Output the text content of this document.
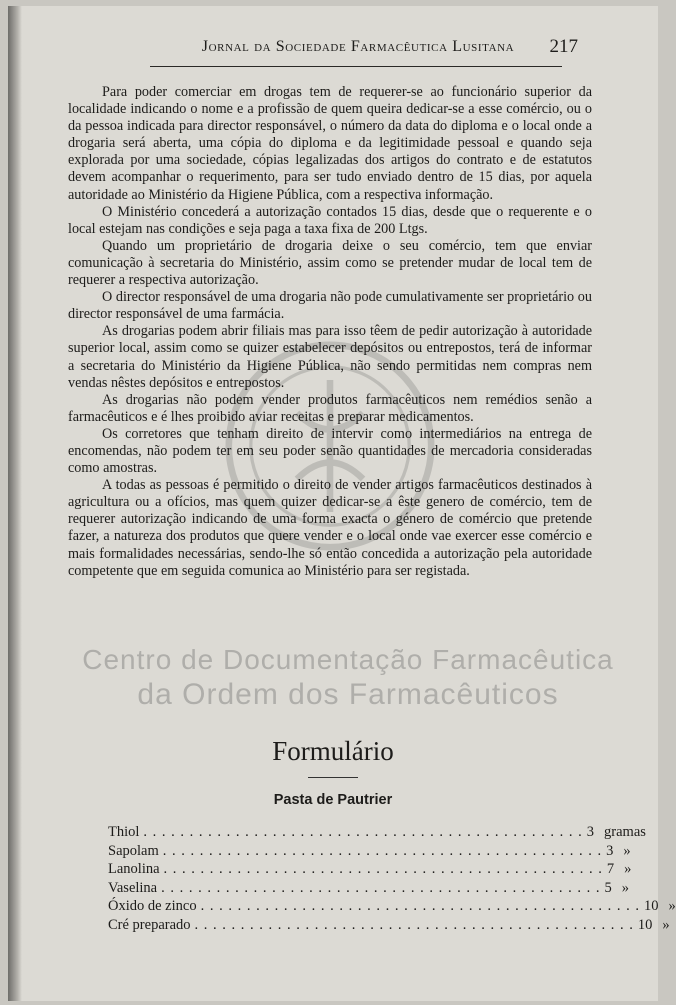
Jornal da Sociedade Farmacêutica Lusitana	217

Para poder comerciar em drogas tem de requerer-se ao funcionário superior da localidade indicando o nome e a profissão de quem queira dedicar-se a esse comércio, ou o da pessoa indicada para director responsável, o número da data do diploma e o local onde a drogaria será aberta, uma cópia do diploma e da legitimidade pessoal e quando seja explorada por uma sociedade, cópias legalizadas dos artigos do contrato e de estatutos devem acompanhar o requerimento, para ser tudo enviado dentro de 15 dias, por aquela autoridade ao Ministério da Higiene Pública, com a respectiva informação.

O Ministério concederá a autorização contados 15 dias, desde que o requerente e o local estejam nas condições e seja paga a taxa fixa de 200 Ltgs.

Quando um proprietário de drogaria deixe o seu comércio, tem que enviar comunicação à secretaria do Ministério, assim como se pretender mudar de local tem de requerer a respectiva autorização.

O director responsável de uma drogaria não pode cumulativamente ser proprietário ou director responsável de uma farmácia.

As drogarias podem abrir filiais mas para isso têem de pedir autorização à autoridade superior local, assim como se quizer estabelecer depósitos ou entrepostos, terá de informar a secretaria do Ministério da Higiene Pública, não sendo permitidas nem compras nem vendas nêstes depósitos e entrepostos.

As drogarias não podem vender produtos farmacêuticos nem remédios senão a farmacêuticos e é lhes proibido aviar receitas e preparar medicamentos.

Os corretores que tenham direito de intervir como intermediários na entrega de encomendas, não podem ter em seu poder senão quantidades de mercadoria consideradas como amostras.

A todas as pessoas é permitido o direito de vender artigos farmacêuticos destinados à agricultura ou a ofícios, mas quem quizer dedicar-se a êste genero de comércio, tem de requerer autorização indicando de uma forma exacta o género de comércio que pretende fazer, a natureza dos produtos que quere vender e o local onde vae exercer esse comércio e mais formalidades necessárias, sendo-lhe só então concedida a autorização pela autoridade competente que em seguida comunica ao Ministério para ser registada.

Centro de Documentação Farmacêutica
da Ordem dos Farmacêuticos
Formulário
Pasta de Pautrier
Thiol . . . . . . . . . . . . . . . . . . . . . . . . . . . . . . . . . . . . . . . . . . . . . . . . 3 gramas
Sapolam . . . . . . . . . . . . . . . . . . . . . . . . . . . . . . . . . . . . . . . . . . . . . . . . 3 »
Lanolina . . . . . . . . . . . . . . . . . . . . . . . . . . . . . . . . . . . . . . . . . . . . . . . . 7 »
Vaselina . . . . . . . . . . . . . . . . . . . . . . . . . . . . . . . . . . . . . . . . . . . . . . . . 5 »
Óxido de zinco . . . . . . . . . . . . . . . . . . . . . . . . . . . . . . . . . . . . . . . . . . . . . . . . 10 »
Cré preparado . . . . . . . . . . . . . . . . . . . . . . . . . . . . . . . . . . . . . . . . . . . . . . . . 10 »
